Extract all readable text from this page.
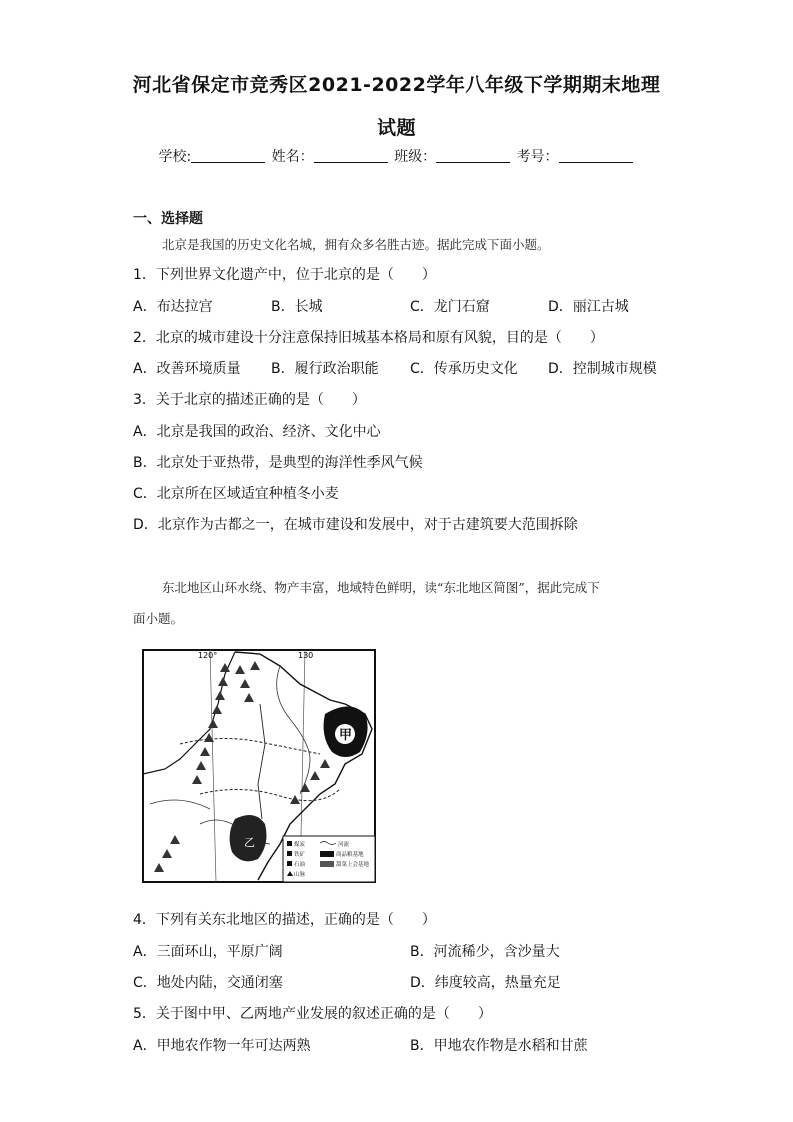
河北省保定市竞秀区2021-2022学年八年级下学期期末地理
试题
学校:	姓名：	班级：	考号：
一、选择题
北京是我国的历史文化名城，拥有众多名胜古迹。据此完成下面小题。
1．下列世界文化遗产中，位于北京的是（　　）
A．布达拉宫	B．长城	C．龙门石窟	D．丽江古城
2．北京的城市建设十分注意保持旧城基本格局和原有风貌，目的是（　　）
A．改善环境质量 B．履行政治职能 C．传承历史文化 D．控制城市规模
3．关于北京的描述正确的是（　　）
A．北京是我国的政治、经济、文化中心
B．北京处于亚热带，是典型的海洋性季风气候
C．北京所在区域适宜种植冬小麦
D．北京作为古都之一，在城市建设和发展中，对于古建筑要大范围拆除
东北地区山环水绕、物产丰富，地域特色鲜明，读“东北地区简图”，据此完成下
面小题。
120°	130
甲
乙	煤炭
铁矿
石油
山脉
河流
商品粮基地
甜菜上会基地
4．下列有关东北地区的描述，正确的是（　　）
A．三面环山，平原广阔	B．河流稀少，含沙量大
C．地处内陆，交通闭塞	D．纬度较高，热量充足
5．关于图中甲、乙两地产业发展的叙述正确的是（　　）
A．甲地农作物一年可达两熟	B．甲地农作物是水稻和甘蔗
